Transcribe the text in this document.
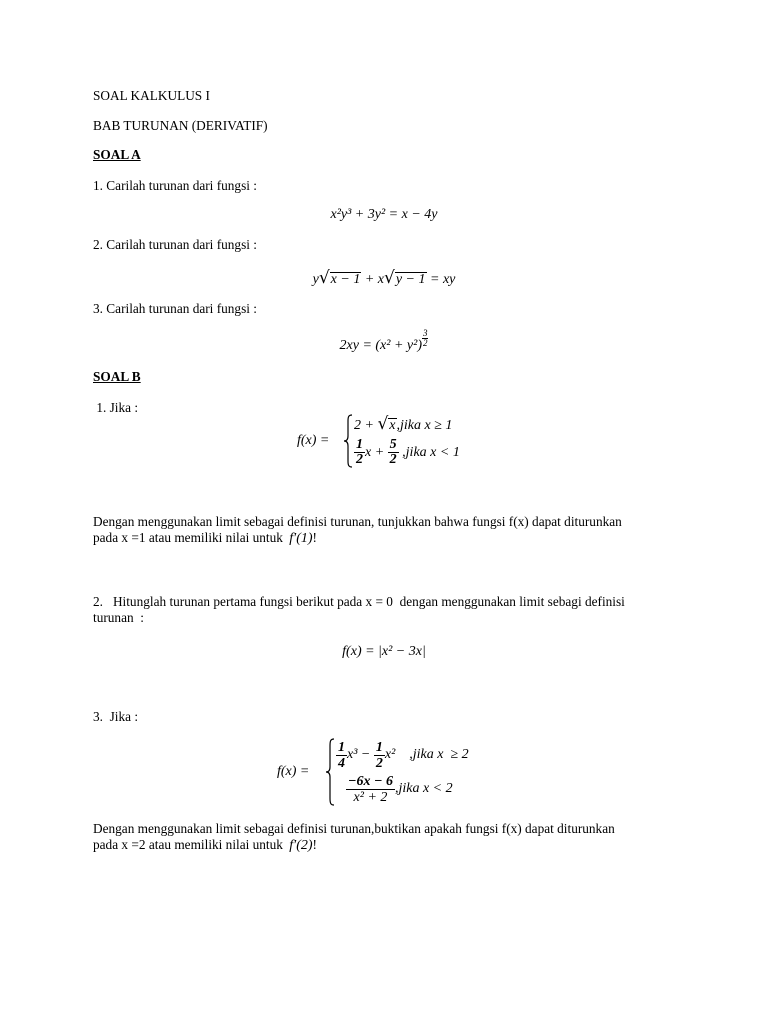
SOAL KALKULUS I
BAB TURUNAN (DERIVATIF)
SOAL A
1. Carilah turunan dari fungsi :
x²y³ + 3y² = x − 4y
2. Carilah turunan dari fungsi :
y √ x − 1 + x √ y − 1 = xy
3. Carilah turunan dari fungsi :
$2xy = (x^2 + y^2) \frac{3}{2}$
SOAL B
1. Jika :
f(x) =
2 + √ x ,jika x ≥ 1
$\frac{1}{2}$ $x + \frac{5}{2}$ ,jika x < 1
Dengan menggunakan limit sebagai definisi turunan, tunjukkan bahwa fungsi f(x) dapat diturunkan
pada x =1 atau memiliki nilai untuk f′(1)!
2.   Hitunglah turunan pertama fungsi berikut pada x = 0  dengan menggunakan limit sebagi definisi
turunan  :
f(x) = |x² − 3x|
3.  Jika :
f(x) =
$\frac{1}{4} x^3 - \frac{1}{2} x^2$ ,jika x  ≥ 2
$\frac{-6x - 6}{\text{x² + 2}}$ ,jika x < 2
Dengan menggunakan limit sebagai definisi turunan,buktikan apakah fungsi f(x) dapat diturunkan
pada x =2 atau memiliki nilai untuk f′(2)!
